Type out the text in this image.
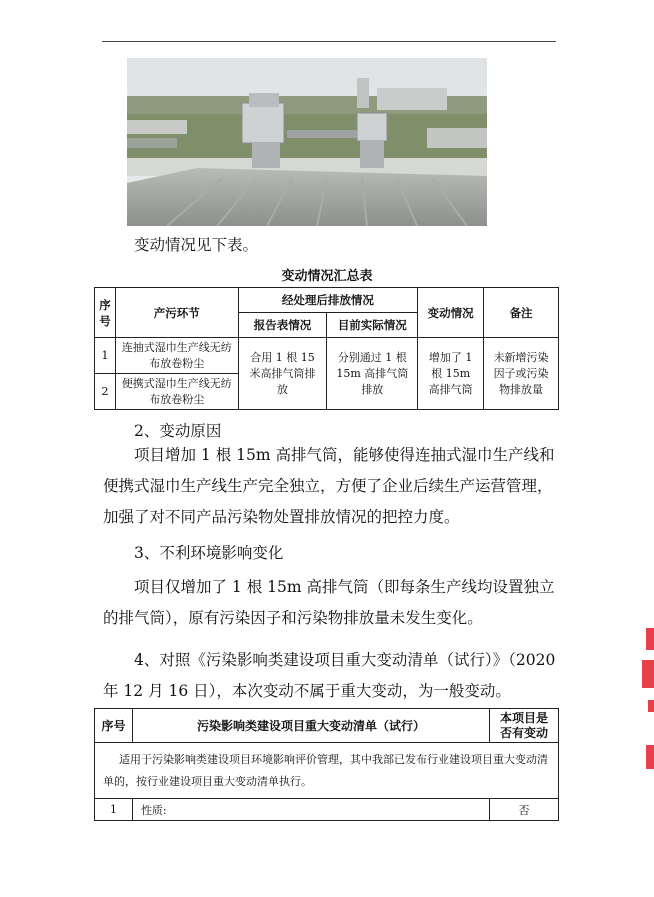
变动情况见下表。
变动情况汇总表
序号	产污环节	经处理后排放情况		变动情况	备注
		报告表情况	目前实际情况		
1	连抽式湿巾生产线无纺布放卷粉尘	合用 1 根 15 米高排气筒排放	分别通过 1 根 15m 高排气筒排放	增加了 1 根 15m 高排气筒	未新增污染因子或污染物排放量
2	便携式湿巾生产线无纺布放卷粉尘				
2、变动原因
项目增加 1 根 15m 高排气筒，能够使得连抽式湿巾生产线和便携式湿巾生产线生产完全独立，方便了企业后续生产运营管理，加强了对不同产品污染物处置排放情况的把控力度。
3、不利环境影响变化
项目仅增加了 1 根 15m 高排气筒（即每条生产线均设置独立的排气筒），原有污染因子和污染物排放量未发生变化。
4、对照《污染影响类建设项目重大变动清单（试行）》（2020 年 12 月 16 日），本次变动不属于重大变动，为一般变动。
序号	污染影响类建设项目重大变动清单（试行）	本项目是否有变动
适用于污染影响类建设项目环境影响评价管理，其中我部已发布行业建设项目重大变动清单的，按行业建设项目重大变动清单执行。		
1	性质:	否
